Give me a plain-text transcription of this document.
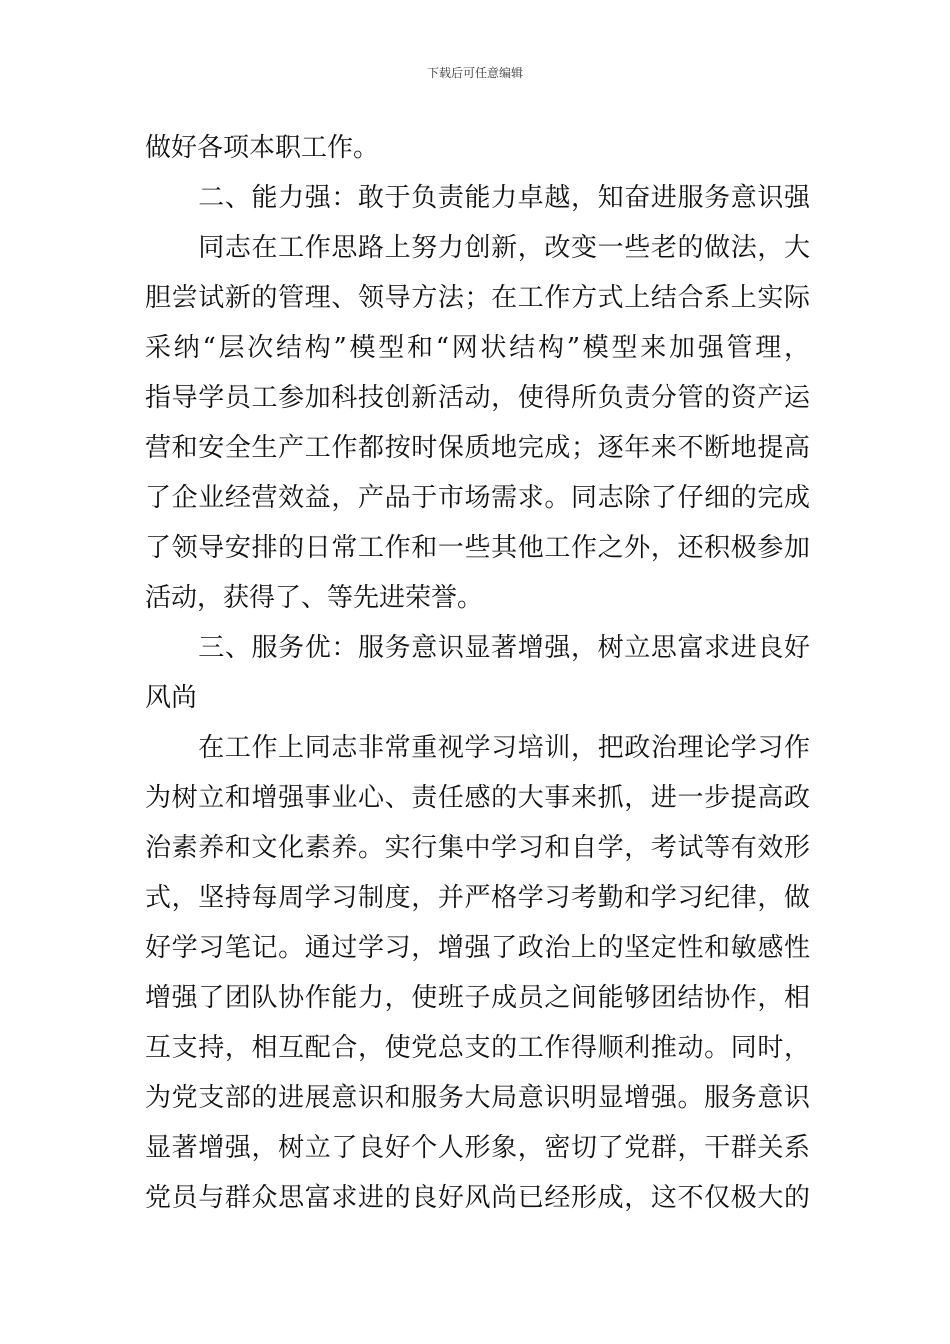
下载后可任意编辑
做好各项本职工作。
　　二、能力强：敢于负责能力卓越，知奋进服务意识强
　　同志在工作思路上努力创新，改变一些老的做法，大
胆尝试新的管理、领导方法；在工作方式上结合系上实际
采纳“层次结构”模型和“网状结构”模型来加强管理，
指导学员工参加科技创新活动，使得所负责分管的资产运
营和安全生产工作都按时保质地完成；逐年来不断地提高
了企业经营效益，产品于市场需求。同志除了仔细的完成
了领导安排的日常工作和一些其他工作之外，还积极参加
活动，获得了、等先进荣誉。
　　三、服务优：服务意识显著增强，树立思富求进良好
风尚
　　在工作上同志非常重视学习培训，把政治理论学习作
为树立和增强事业心、责任感的大事来抓，进一步提高政
治素养和文化素养。实行集中学习和自学，考试等有效形
式，坚持每周学习制度，并严格学习考勤和学习纪律，做
好学习笔记。通过学习，增强了政治上的坚定性和敏感性
增强了团队协作能力，使班子成员之间能够团结协作，相
互支持，相互配合，使党总支的工作得顺利推动。同时，
为党支部的进展意识和服务大局意识明显增强。服务意识
显著增强，树立了良好个人形象，密切了党群，干群关系
党员与群众思富求进的良好风尚已经形成，这不仅极大的
